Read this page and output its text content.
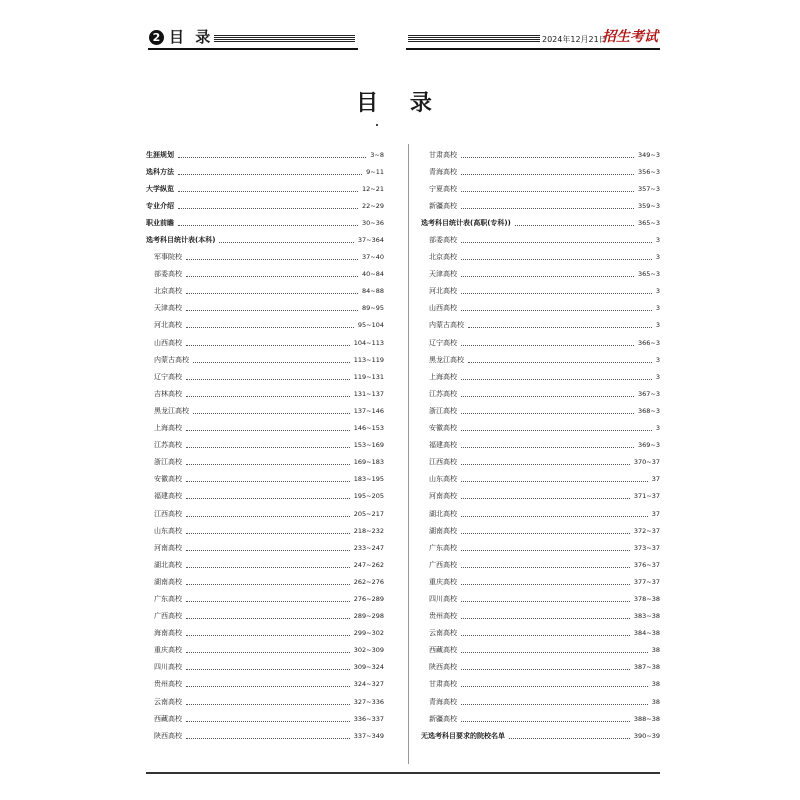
2 目 录	2024年12月21日
招生考试
目 录
生涯规划	3~8
选科方法	9~11
大学纵览	12~21
专业介绍	22~29
职业前瞻	30~36
选考科目统计表(本科)	37~364
军事院校	37~40
部委高校	40~84
北京高校	84~88
天津高校	89~95
河北高校	95~104
山西高校	104~113
内蒙古高校	113~119
辽宁高校	119~131
吉林高校	131~137
黑龙江高校	137~146
上海高校	146~153
江苏高校	153~169
浙江高校	169~183
安徽高校	183~195
福建高校	195~205
江西高校	205~217
山东高校	218~232
河南高校	233~247
湖北高校	247~262
湖南高校	262~276
广东高校	276~289
广西高校	289~298
海南高校	299~302
重庆高校	302~309
四川高校	309~324
贵州高校	324~327
云南高校	327~336
西藏高校	336~337
陕西高校	337~349
甘肃高校	349~3
青海高校	356~3
宁夏高校	357~3
新疆高校	359~3
选考科目统计表(高职(专科))	365~3
部委高校	3
北京高校	3
天津高校	365~3
河北高校	3
山西高校	3
内蒙古高校	3
辽宁高校	366~3
黑龙江高校	3
上海高校	3
江苏高校	367~3
浙江高校	368~3
安徽高校	3
福建高校	369~3
江西高校	370~37
山东高校	37
河南高校	371~37
湖北高校	37
湖南高校	372~37
广东高校	373~37
广西高校	376~37
重庆高校	377~37
四川高校	378~38
贵州高校	383~38
云南高校	384~38
西藏高校	38
陕西高校	387~38
甘肃高校	38
青海高校	38
新疆高校	388~38
无选考科目要求的院校名单	390~39
